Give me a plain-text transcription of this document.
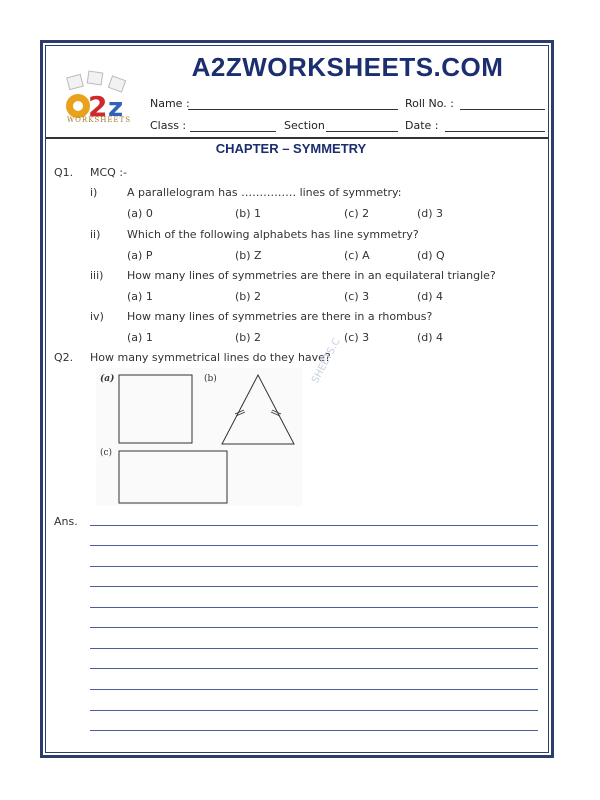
2 z
WORKSHEETS
A2ZWORKSHEETS.COM
Name :	Roll No. :
Class :	Section	Date :
CHAPTER – SYMMETRY
Q1. MCQ :-
i)	A parallelogram has …………… lines of symmetry:
(a) 0	(b) 1	(c) 2	(d) 3
ii) Which of the following alphabets has line symmetry?
(a) P	(b) Z	(c) A	(d) Q
iii) How many lines of symmetries are there in an equilateral triangle?
(a) 1	(b) 2	(c) 3	(d) 4
iv) How many lines of symmetries are there in a rhombus?
(a) 1	(b) 2	(c) 3	(d) 4
Q2. How many symmetrical lines do they have?
(a)	(b)
(c)
SHEETS.C
Ans.
